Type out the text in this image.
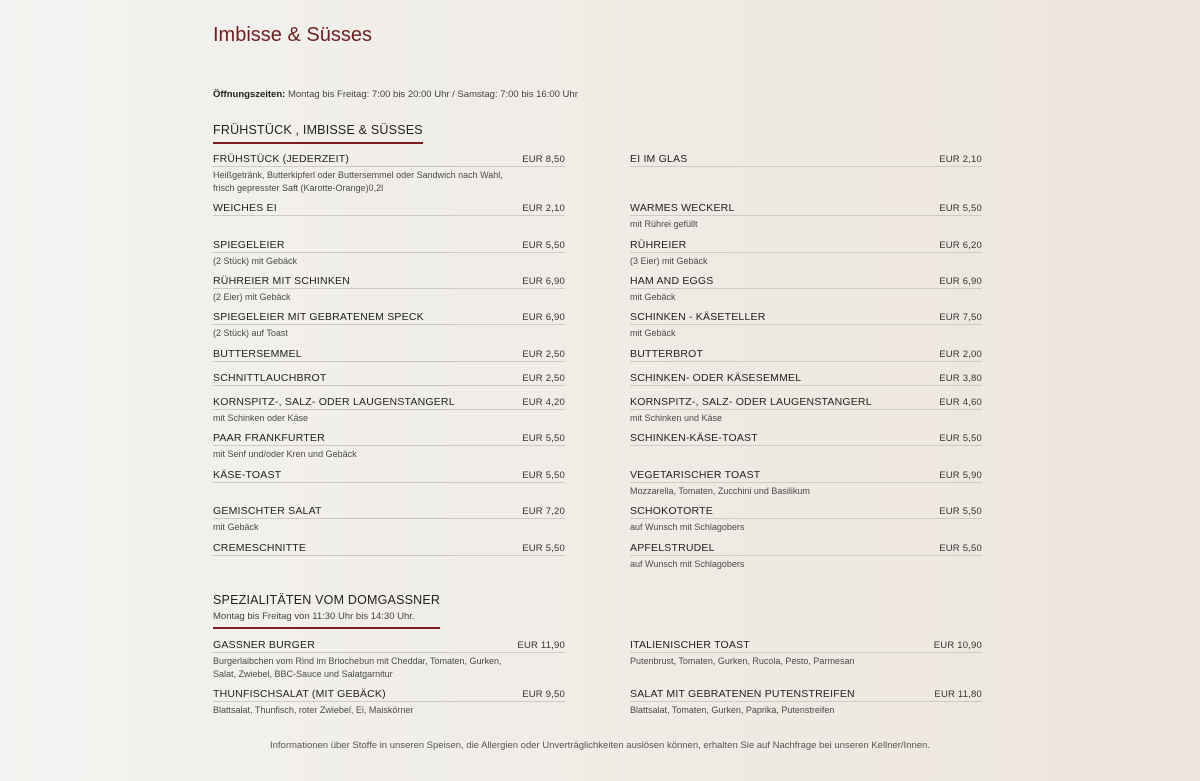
Imbisse & Süsses
Öffnungszeiten: Montag bis Freitag: 7:00 bis 20:00 Uhr / Samstag: 7:00 bis 16:00 Uhr
FRÜHSTÜCK , IMBISSE & SÜSSES
FRÜHSTÜCK (JEDERZEIT)	EUR 8,50
Heißgetränk, Butterkipferl oder Buttersemmel oder Sandwich nach Wahl, frisch gepresster Saft (Karotte-Orange)0,2l
WEICHES EI	EUR 2,10
SPIEGELEIER	EUR 5,50
(2 Stück) mit Gebäck
RÜHREIER MIT SCHINKEN	EUR 6,90
(2 Eier) mit Gebäck
SPIEGELEIER MIT GEBRATENEM SPECK	EUR 6,90
(2 Stück) auf Toast
BUTTERSEMMEL	EUR 2,50
SCHNITTLAUCHBROT	EUR 2,50
KORNSPITZ-, SALZ- ODER LAUGENSTANGERL	EUR 4,20
mit Schinken oder Käse
PAAR FRANKFURTER	EUR 5,50
mit Senf und/oder Kren und Gebäck
KÄSE-TOAST	EUR 5,50
GEMISCHTER SALAT	EUR 7,20
mit Gebäck
CREMESCHNITTE	EUR 5,50
EI IM GLAS	EUR 2,10
WARMES WECKERL	EUR 5,50
mit Rührei gefüllt
RÜHREIER	EUR 6,20
(3 Eier) mit Gebäck
HAM AND EGGS	EUR 6,90
mit Gebäck
SCHINKEN - KÄSETELLER	EUR 7,50
mit Gebäck
BUTTERBROT	EUR 2,00
SCHINKEN- ODER KÄSESEMMEL	EUR 3,80
KORNSPITZ-, SALZ- ODER LAUGENSTANGERL	EUR 4,60
mit Schinken und Käse
SCHINKEN-KÄSE-TOAST	EUR 5,50
VEGETARISCHER TOAST	EUR 5,90
Mozzarella, Tomaten, Zucchini und Basilikum
SCHOKOTORTE	EUR 5,50
auf Wunsch mit Schlagobers
APFELSTRUDEL	EUR 5,50
auf Wunsch mit Schlagobers
SPEZIALITÄTEN VOM DOMGASSNER
Montag bis Freitag von 11:30 Uhr bis 14:30 Uhr.
GASSNER BURGER	EUR 11,90
Burgerlaibchen vom Rind im Briochebun mit Cheddar, Tomaten, Gurken, Salat, Zwiebel, BBC-Sauce und Salatgarnitur
THUNFISCHSALAT (MIT GEBÄCK)	EUR 9,50
Blattsalat, Thunfisch, roter Zwiebel, Ei, Maiskörner
ITALIENISCHER TOAST	EUR 10,90
Putenbrust, Tomaten, Gurken, Rucola, Pesto, Parmesan
SALAT MIT GEBRATENEN PUTENSTREIFEN	EUR 11,80
Blattsalat, Tomaten, Gurken, Paprika, Putenstreifen
Informationen über Stoffe in unseren Speisen, die Allergien oder Unverträglichkeiten auslösen können, erhalten Sie auf Nachfrage bei unseren Kellner/Innen.
